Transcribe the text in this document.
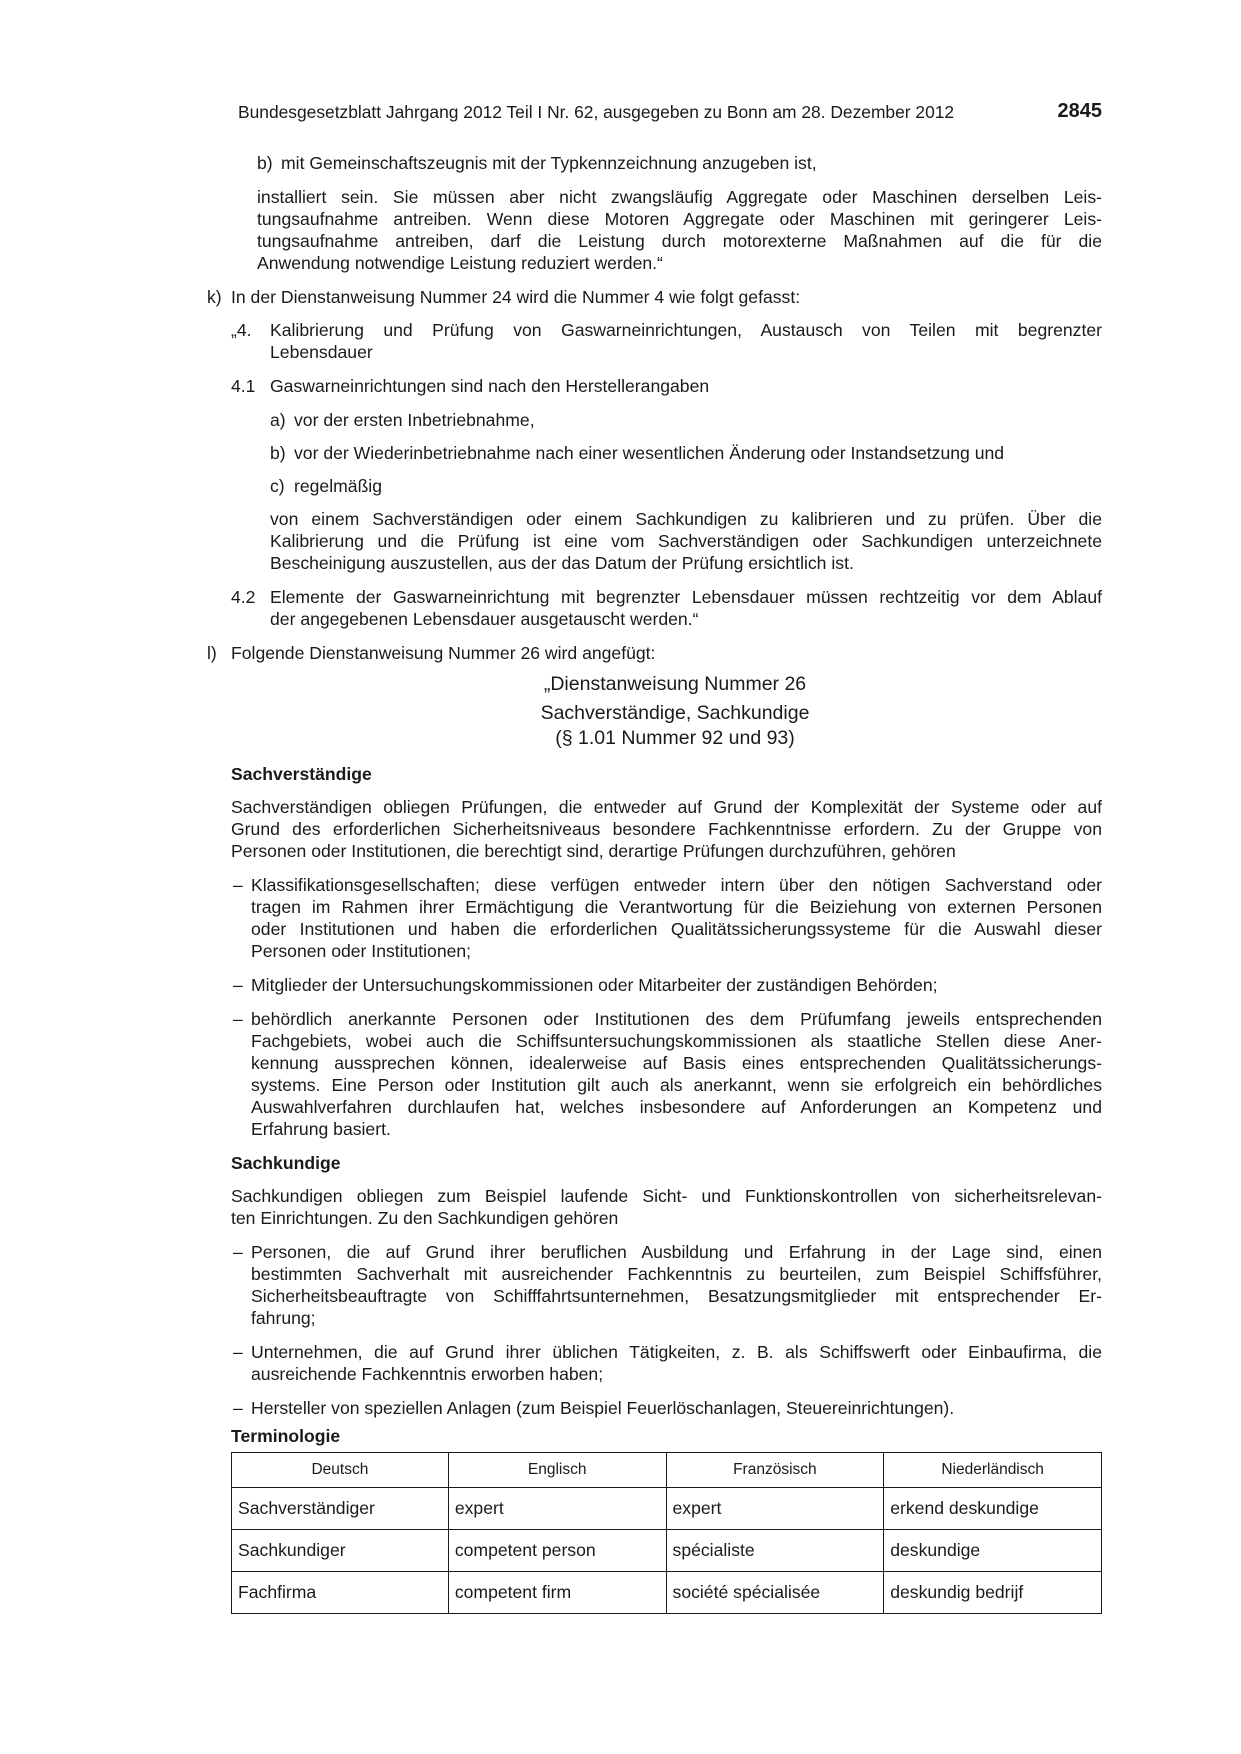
Bundesgesetzblatt Jahrgang 2012 Teil I Nr. 62, ausgegeben zu Bonn am 28. Dezember 2012	2845
b) mit Gemeinschaftszeugnis mit der Typkennzeichnung anzugeben ist,
installiert sein. Sie müssen aber nicht zwangsläufig Aggregate oder Maschinen derselben Leis-
tungsaufnahme antreiben. Wenn diese Motoren Aggregate oder Maschinen mit geringerer Leis-
tungsaufnahme antreiben, darf die Leistung durch motorexterne Maßnahmen auf die für die
Anwendung notwendige Leistung reduziert werden.“
k) In der Dienstanweisung Nummer 24 wird die Nummer 4 wie folgt gefasst:
„4. Kalibrierung und Prüfung von Gaswarneinrichtungen, Austausch von Teilen mit begrenzter
Lebensdauer
4.1 Gaswarneinrichtungen sind nach den Herstellerangaben
a) vor der ersten Inbetriebnahme,
b) vor der Wiederinbetriebnahme nach einer wesentlichen Änderung oder Instandsetzung und
c) regelmäßig
von einem Sachverständigen oder einem Sachkundigen zu kalibrieren und zu prüfen. Über die
Kalibrierung und die Prüfung ist eine vom Sachverständigen oder Sachkundigen unterzeichnete
Bescheinigung auszustellen, aus der das Datum der Prüfung ersichtlich ist.
4.2 Elemente der Gaswarneinrichtung mit begrenzter Lebensdauer müssen rechtzeitig vor dem Ablauf
der angegebenen Lebensdauer ausgetauscht werden.“
l) Folgende Dienstanweisung Nummer 26 wird angefügt:
„Dienstanweisung Nummer 26
Sachverständige, Sachkundige
(§ 1.01 Nummer 92 und 93)
Sachverständige
Sachverständigen obliegen Prüfungen, die entweder auf Grund der Komplexität der Systeme oder auf
Grund des erforderlichen Sicherheitsniveaus besondere Fachkenntnisse erfordern. Zu der Gruppe von
Personen oder Institutionen, die berechtigt sind, derartige Prüfungen durchzuführen, gehören
– Klassifikationsgesellschaften; diese verfügen entweder intern über den nötigen Sachverstand oder
tragen im Rahmen ihrer Ermächtigung die Verantwortung für die Beiziehung von externen Personen
oder Institutionen und haben die erforderlichen Qualitätssicherungssysteme für die Auswahl dieser
Personen oder Institutionen;
– Mitglieder der Untersuchungskommissionen oder Mitarbeiter der zuständigen Behörden;
– behördlich anerkannte Personen oder Institutionen des dem Prüfumfang jeweils entsprechenden
Fachgebiets, wobei auch die Schiffsuntersuchungskommissionen als staatliche Stellen diese Aner-
kennung aussprechen können, idealerweise auf Basis eines entsprechenden Qualitätssicherungs-
systems. Eine Person oder Institution gilt auch als anerkannt, wenn sie erfolgreich ein behördliches
Auswahlverfahren durchlaufen hat, welches insbesondere auf Anforderungen an Kompetenz und
Erfahrung basiert.
Sachkundige
Sachkundigen obliegen zum Beispiel laufende Sicht- und Funktionskontrollen von sicherheitsrelevan-
ten Einrichtungen. Zu den Sachkundigen gehören
– Personen, die auf Grund ihrer beruflichen Ausbildung und Erfahrung in der Lage sind, einen
bestimmten Sachverhalt mit ausreichender Fachkenntnis zu beurteilen, zum Beispiel Schiffsführer,
Sicherheitsbeauftragte von Schifffahrtsunternehmen, Besatzungsmitglieder mit entsprechender Er-
fahrung;
– Unternehmen, die auf Grund ihrer üblichen Tätigkeiten, z. B. als Schiffswerft oder Einbaufirma, die
ausreichende Fachkenntnis erworben haben;
– Hersteller von speziellen Anlagen (zum Beispiel Feuerlöschanlagen, Steuereinrichtungen).
Terminologie
Deutsch	Englisch	Französisch	Niederländisch
Sachverständiger	expert	expert	erkend deskundige
Sachkundiger	competent person	spécialiste	deskundige
Fachfirma	competent firm	société spécialisée	deskundig bedrijf
